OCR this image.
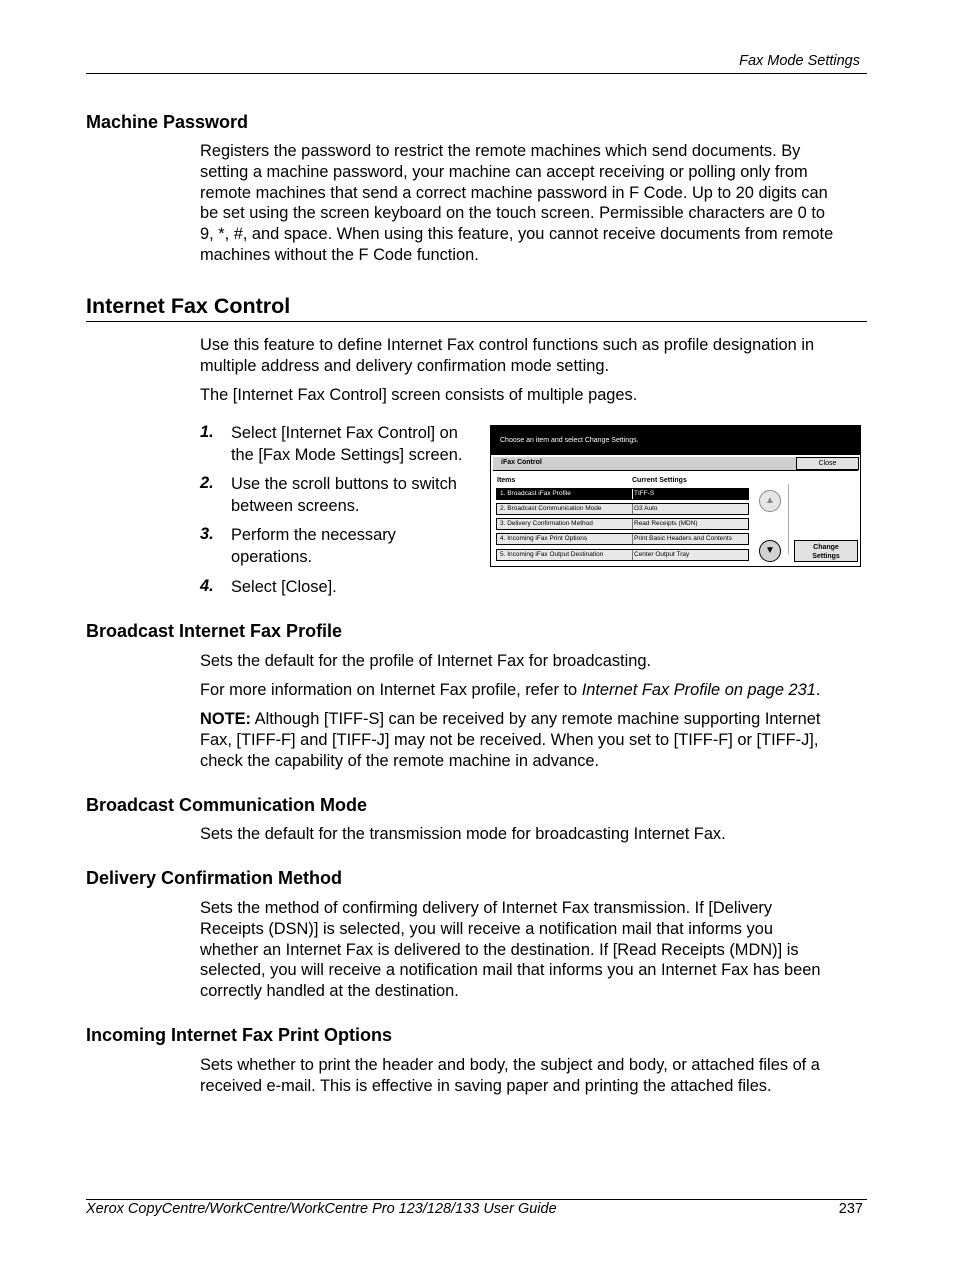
Fax Mode Settings
Machine Password
Registers the password to restrict the remote machines which send documents. By
setting a machine password, your machine can accept receiving or polling only from
remote machines that send a correct machine password in F Code. Up to 20 digits can
be set using the screen keyboard on the touch screen. Permissible characters are 0 to
9, *, #, and space. When using this feature, you cannot receive documents from remote
machines without the F Code function.
Internet Fax Control
Use this feature to define Internet Fax control functions such as profile designation in
multiple address and delivery confirmation mode setting.
The [Internet Fax Control] screen consists of multiple pages.
1. Select [Internet Fax Control] on
the [Fax Mode Settings] screen.
2. Use the scroll buttons to switch
between screens.
3. Perform the necessary
operations.
4. Select [Close].
Choose an item and select Change Settings.
iFax Control	Close
Items	Current Settings
1. Broadcast iFax Profile	TIFF-S
2. Broadcast Communication Mode	G3 Auto
3. Delivery Confirmation Method	Read Receipts (MDN)
4. Incoming iFax Print Options	Print Basic Headers and Contents
5. Incoming iFax Output Destination	Center Output Tray
▲
▼	Change
Settings
Broadcast Internet Fax Profile
Sets the default for the profile of Internet Fax for broadcasting.
For more information on Internet Fax profile, refer to Internet Fax Profile on page 231.
NOTE: Although [TIFF-S] can be received by any remote machine supporting Internet
Fax, [TIFF-F] and [TIFF-J] may not be received. When you set to [TIFF-F] or [TIFF-J],
check the capability of the remote machine in advance.
Broadcast Communication Mode
Sets the default for the transmission mode for broadcasting Internet Fax.
Delivery Confirmation Method
Sets the method of confirming delivery of Internet Fax transmission. If [Delivery
Receipts (DSN)] is selected, you will receive a notification mail that informs you
whether an Internet Fax is delivered to the destination. If [Read Receipts (MDN)] is
selected, you will receive a notification mail that informs you an Internet Fax has been
correctly handled at the destination.
Incoming Internet Fax Print Options
Sets whether to print the header and body, the subject and body, or attached files of a
received e-mail. This is effective in saving paper and printing the attached files.
Xerox CopyCentre/WorkCentre/WorkCentre Pro 123/128/133 User Guide	237
